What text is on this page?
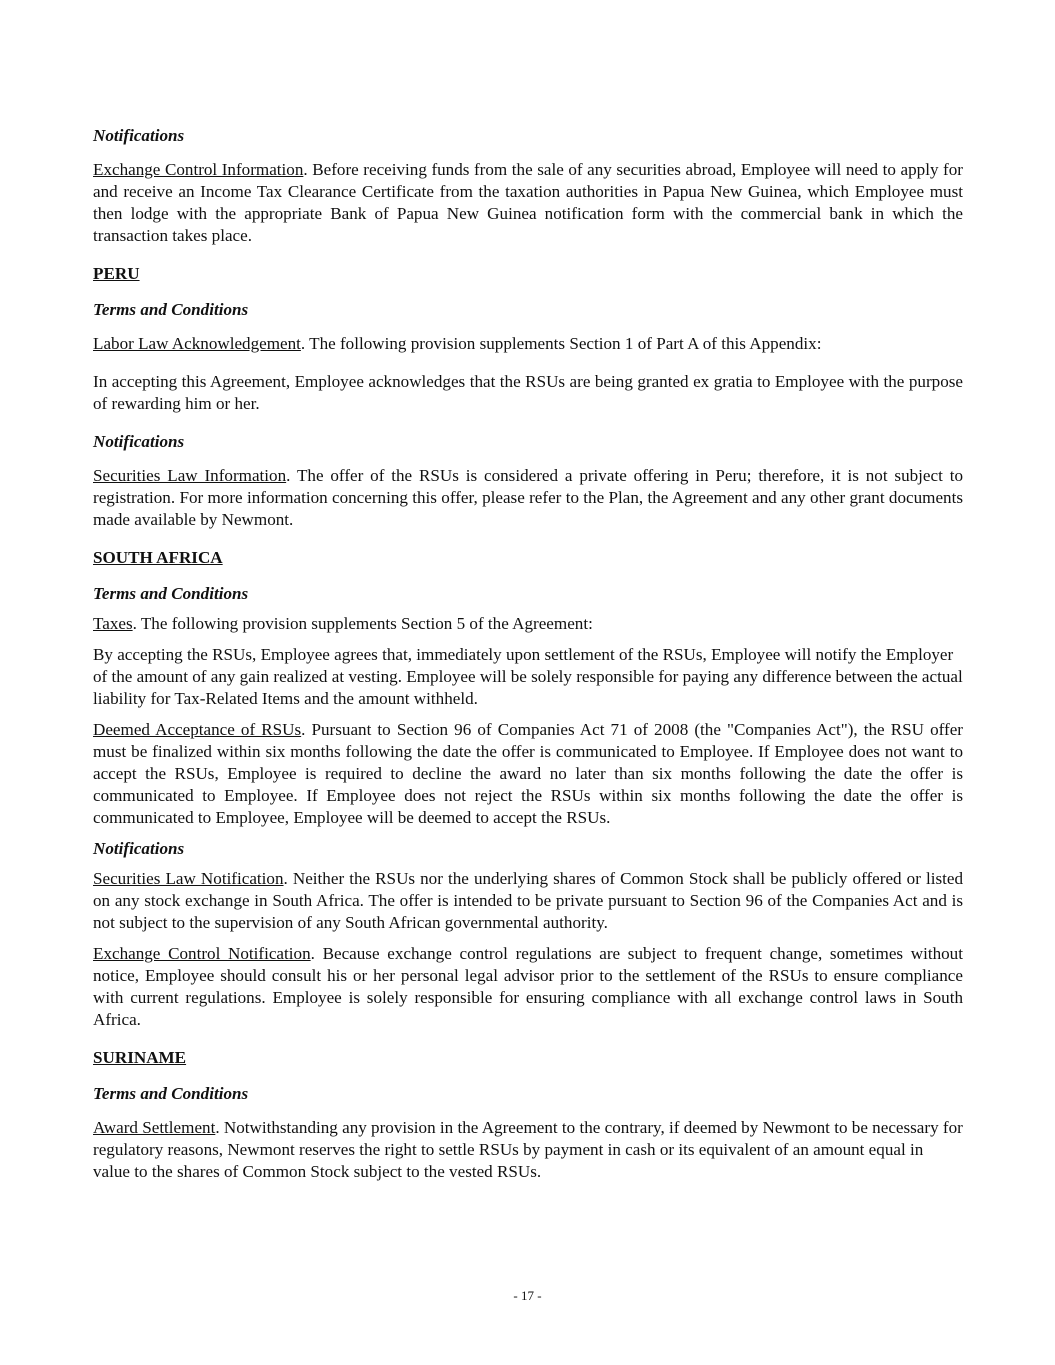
Notifications

Exchange Control Information. Before receiving funds from the sale of any securities abroad, Employee will need to apply for and receive an Income Tax Clearance Certificate from the taxation authorities in Papua New Guinea, which Employee must then lodge with the appropriate Bank of Papua New Guinea notification form with the commercial bank in which the transaction takes place.

PERU
Terms and Conditions

Labor Law Acknowledgement. The following provision supplements Section 1 of Part A of this Appendix:

In accepting this Agreement, Employee acknowledges that the RSUs are being granted ex gratia to Employee with the purpose of rewarding him or her.

Notifications

Securities Law Information. The offer of the RSUs is considered a private offering in Peru; therefore, it is not subject to registration. For more information concerning this offer, please refer to the Plan, the Agreement and any other grant documents made available by Newmont.

SOUTH AFRICA
Terms and Conditions

Taxes. The following provision supplements Section 5 of the Agreement:

By accepting the RSUs, Employee agrees that, immediately upon settlement of the RSUs, Employee will notify the Employer of the amount of any gain realized at vesting. Employee will be solely responsible for paying any difference between the actual liability for Tax-Related Items and the amount withheld.

Deemed Acceptance of RSUs. Pursuant to Section 96 of Companies Act 71 of 2008 (the "Companies Act"), the RSU offer must be finalized within six months following the date the offer is communicated to Employee. If Employee does not want to accept the RSUs, Employee is required to decline the award no later than six months following the date the offer is communicated to Employee. If Employee does not reject the RSUs within six months following the date the offer is communicated to Employee, Employee will be deemed to accept the RSUs.

Notifications

Securities Law Notification. Neither the RSUs nor the underlying shares of Common Stock shall be publicly offered or listed on any stock exchange in South Africa. The offer is intended to be private pursuant to Section 96 of the Companies Act and is not subject to the supervision of any South African governmental authority.

Exchange Control Notification. Because exchange control regulations are subject to frequent change, sometimes without notice, Employee should consult his or her personal legal advisor prior to the settlement of the RSUs to ensure compliance with current regulations. Employee is solely responsible for ensuring compliance with all exchange control laws in South Africa.

SURINAME
Terms and Conditions

Award Settlement. Notwithstanding any provision in the Agreement to the contrary, if deemed by Newmont to be necessary for regulatory reasons, Newmont reserves the right to settle RSUs by payment in cash or its equivalent of an amount equal in value to the shares of Common Stock subject to the vested RSUs.

- 17 -
